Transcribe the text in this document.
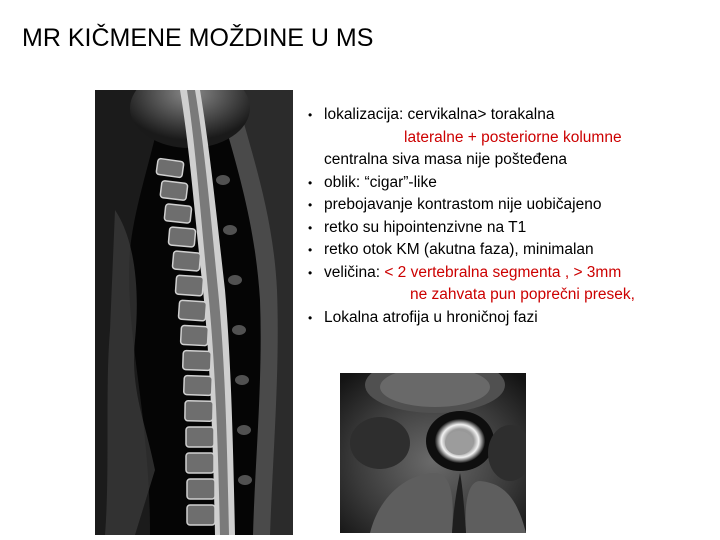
MR KIČMENE MOŽDINE U MS
• lokalizacija: cervikalna> torakalna
lateralne + posteriorne kolumne
centralna siva masa nije pošteđena
• oblik: “cigar”-like
• prebojavanje kontrastom nije uobičajeno
• retko su hipointenzivne na T1
• retko otok KM (akutna faza), minimalan
• veličina: < 2 vertebralna segmenta , > 3mm
ne zahvata pun poprečni presek,
• Lokalna atrofija u hroničnoj fazi
